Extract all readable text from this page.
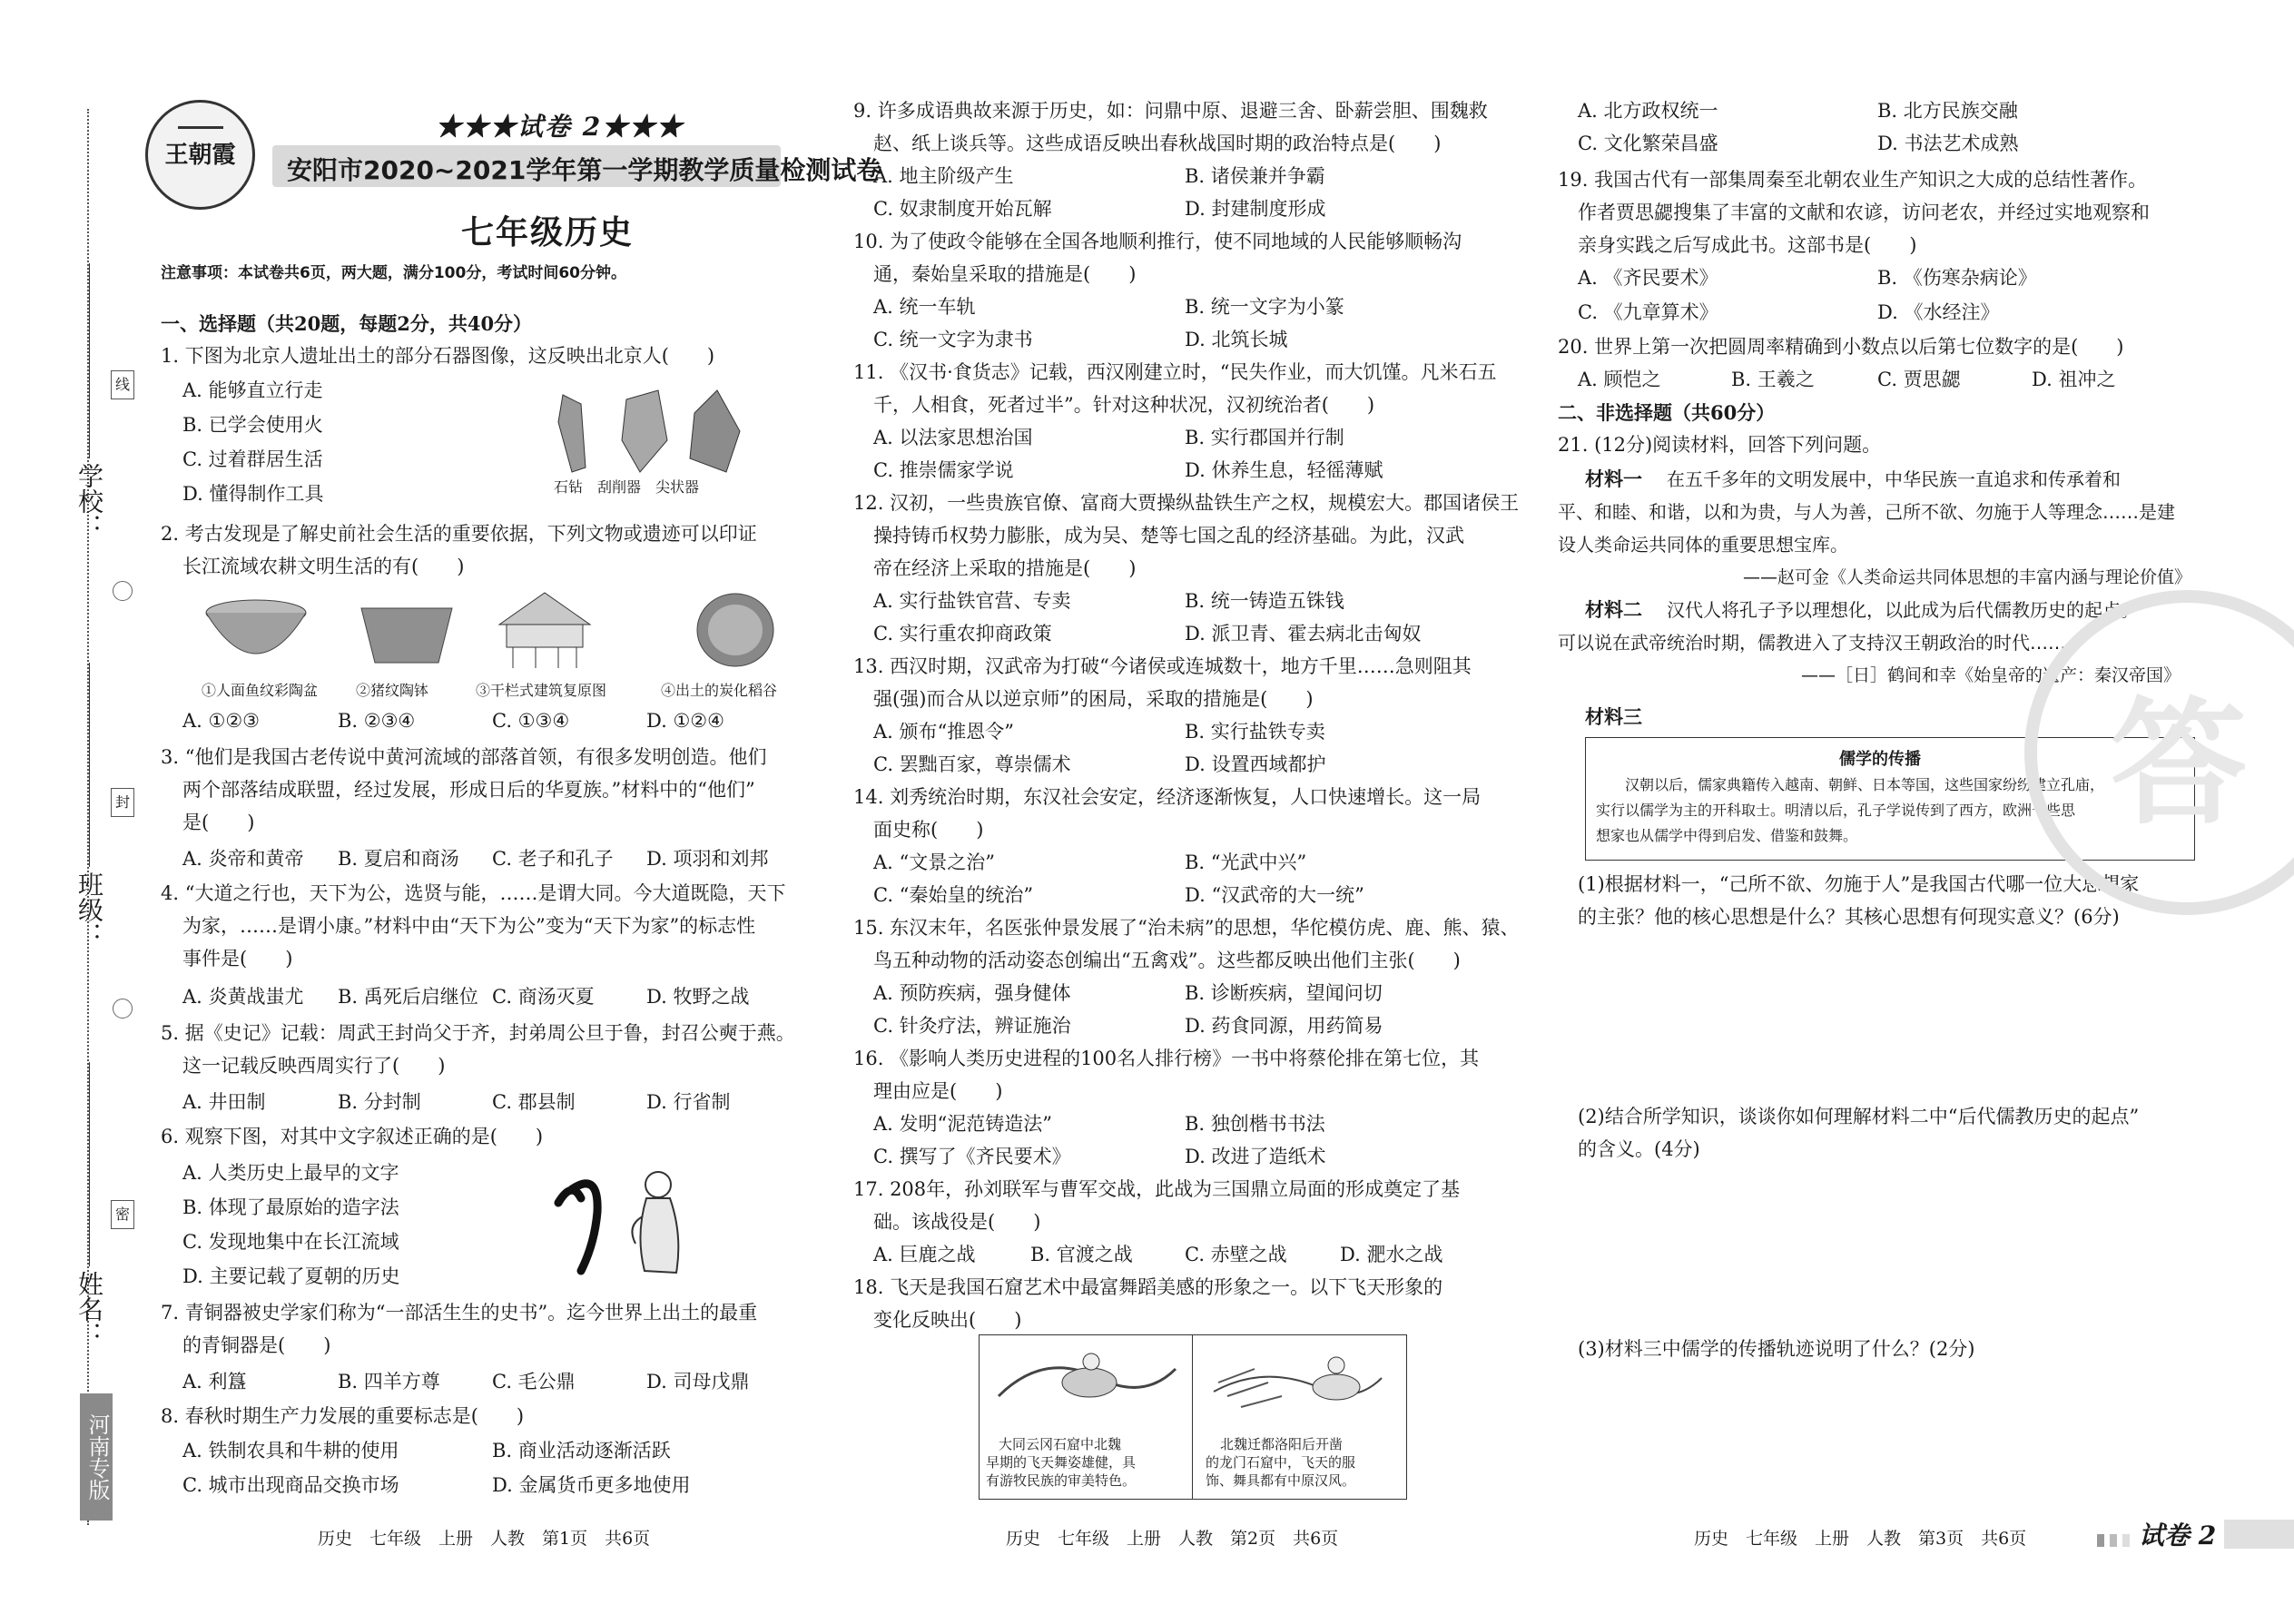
线
封
密
学校：
班级：
姓名：
河南专版
王朝霞
★★★试卷 2★★★
安阳市2020~2021学年第一学期教学质量检测试卷
七年级历史
注意事项：本试卷共6页，两大题，满分100分，考试时间60分钟。
一、选择题（共20题，每题2分，共40分）
1. 下图为北京人遗址出土的部分石器图像，这反映出北京人(　　)
A. 能够直立行走
B. 已学会使用火
C. 过着群居生活
D. 懂得制作工具	石钻　刮削器　尖状器
2. 考古发现是了解史前社会生活的重要依据，下列文物或遗迹可以印证
长江流域农耕文明生活的有(　　)
①人面鱼纹彩陶盆	②猪纹陶钵	③干栏式建筑复原图	④出土的炭化稻谷
A. ①②③	B. ②③④	C. ①③④	D. ①②④
3. “他们是我国古老传说中黄河流域的部落首领，有很多发明创造。他们
两个部落结成联盟，经过发展，形成日后的华夏族。”材料中的“他们”
是(　　)
A. 炎帝和黄帝 B. 夏启和商汤 C. 老子和孔子 D. 项羽和刘邦
4. “大道之行也，天下为公，选贤与能，……是谓大同。今大道既隐，天下
为家，……是谓小康。”材料中由“天下为公”变为“天下为家”的标志性
事件是(　　)
A. 炎黄战蚩尤 B. 禹死后启继位 C. 商汤灭夏	D. 牧野之战
5. 据《史记》记载：周武王封尚父于齐，封弟周公旦于鲁，封召公奭于燕。
这一记载反映西周实行了(　　)
A. 井田制	B. 分封制	C. 郡县制	D. 行省制
6. 观察下图，对其中文字叙述正确的是(　　)
A. 人类历史上最早的文字
B. 体现了最原始的造字法
C. 发现地集中在长江流域
D. 主要记载了夏朝的历史
7. 青铜器被史学家们称为“一部活生生的史书”。迄今世界上出土的最重
的青铜器是(　　)
A. 利簋	B. 四羊方尊	C. 毛公鼎	D. 司母戊鼎
8. 春秋时期生产力发展的重要标志是(　　)
A. 铁制农具和牛耕的使用	B. 商业活动逐渐活跃
C. 城市出现商品交换市场	D. 金属货币更多地使用
历史　七年级　上册　人教　第1页　共6页
9. 许多成语典故来源于历史，如：问鼎中原、退避三舍、卧薪尝胆、围魏救
赵、纸上谈兵等。这些成语反映出春秋战国时期的政治特点是(　　)
A. 地主阶级产生	B. 诸侯兼并争霸
C. 奴隶制度开始瓦解	D. 封建制度形成
10. 为了使政令能够在全国各地顺利推行，使不同地域的人民能够顺畅沟
通，秦始皇采取的措施是(　　)
A. 统一车轨	B. 统一文字为小篆
C. 统一文字为隶书	D. 北筑长城
11. 《汉书·食货志》记载，西汉刚建立时，“民失作业，而大饥馑。凡米石五
千，人相食，死者过半”。针对这种状况，汉初统治者(　　)
A. 以法家思想治国	B. 实行郡国并行制
C. 推崇儒家学说	D. 休养生息，轻徭薄赋
12. 汉初，一些贵族官僚、富商大贾操纵盐铁生产之权，规模宏大。郡国诸侯王
操持铸币权势力膨胀，成为吴、楚等七国之乱的经济基础。为此，汉武
帝在经济上采取的措施是(　　)
A. 实行盐铁官营、专卖	B. 统一铸造五铢钱
C. 实行重农抑商政策	D. 派卫青、霍去病北击匈奴
13. 西汉时期，汉武帝为打破“今诸侯或连城数十，地方千里……急则阻其
强(强)而合从以逆京师”的困局，采取的措施是(　　)
A. 颁布“推恩令”	B. 实行盐铁专卖
C. 罢黜百家，尊崇儒术	D. 设置西域都护
14. 刘秀统治时期，东汉社会安定，经济逐渐恢复，人口快速增长。这一局
面史称(　　)
A. “文景之治”	B. “光武中兴”
C. “秦始皇的统治”	D. “汉武帝的大一统”
15. 东汉末年，名医张仲景发展了“治未病”的思想，华佗模仿虎、鹿、熊、猿、
鸟五种动物的活动姿态创编出“五禽戏”。这些都反映出他们主张(　　)
A. 预防疾病，强身健体	B. 诊断疾病，望闻问切
C. 针灸疗法，辨证施治	D. 药食同源，用药简易
16. 《影响人类历史进程的100名人排行榜》一书中将蔡伦排在第七位，其
理由应是(　　)
A. 发明“泥范铸造法”	B. 独创楷书书法
C. 撰写了《齐民要术》	D. 改进了造纸术
17. 208年，孙刘联军与曹军交战，此战为三国鼎立局面的形成奠定了基
础。该战役是(　　)
A. 巨鹿之战	B. 官渡之战	C. 赤壁之战	D. 淝水之战
18. 飞天是我国石窟艺术中最富舞蹈美感的形象之一。以下飞天形象的
变化反映出(　　)
大同云冈石窟中北魏
早期的飞天舞姿雄健，具
有游牧民族的审美特色。
北魏迁都洛阳后开凿
的龙门石窟中，飞天的服
饰、舞具都有中原汉风。
历史　七年级　上册　人教　第2页　共6页
A. 北方政权统一	B. 北方民族交融
C. 文化繁荣昌盛	D. 书法艺术成熟
19. 我国古代有一部集周秦至北朝农业生产知识之大成的总结性著作。
作者贾思勰搜集了丰富的文献和农谚，访问老农，并经过实地观察和
亲身实践之后写成此书。这部书是(　　)
A. 《齐民要术》	B. 《伤寒杂病论》
C. 《九章算术》	D. 《水经注》
20. 世界上第一次把圆周率精确到小数点以后第七位数字的是(　　)
A. 顾恺之	B. 王羲之	C. 贾思勰	D. 祖冲之
二、非选择题（共60分）
21. (12分)阅读材料，回答下列问题。
材料一 在五千多年的文明发展中，中华民族一直追求和传承着和
平、和睦、和谐，以和为贵，与人为善，己所不欲、勿施于人等理念……是建
设人类命运共同体的重要思想宝库。
——赵可金《人类命运共同体思想的丰富内涵与理论价值》
材料二 汉代人将孔子予以理想化，以此成为后代儒教历史的起点。
可以说在武帝统治时期，儒教进入了支持汉王朝政治的时代……
——［日］鹤间和幸《始皇帝的遗产：秦汉帝国》
材料三
儒学的传播
汉朝以后，儒家典籍传入越南、朝鲜、日本等国，这些国家纷纷建立孔庙，
实行以儒学为主的开科取士。明清以后，孔子学说传到了西方，欧洲一些思
想家也从儒学中得到启发、借鉴和鼓舞。
(1)根据材料一，“己所不欲、勿施于人”是我国古代哪一位大思想家
的主张？他的核心思想是什么？其核心思想有何现实意义？(6分)
(2)结合所学知识，谈谈你如何理解材料二中“后代儒教历史的起点”
的含义。(4分)
(3)材料三中儒学的传播轨迹说明了什么？(2分)
答
历史　七年级　上册　人教　第3页　共6页	试卷 2
